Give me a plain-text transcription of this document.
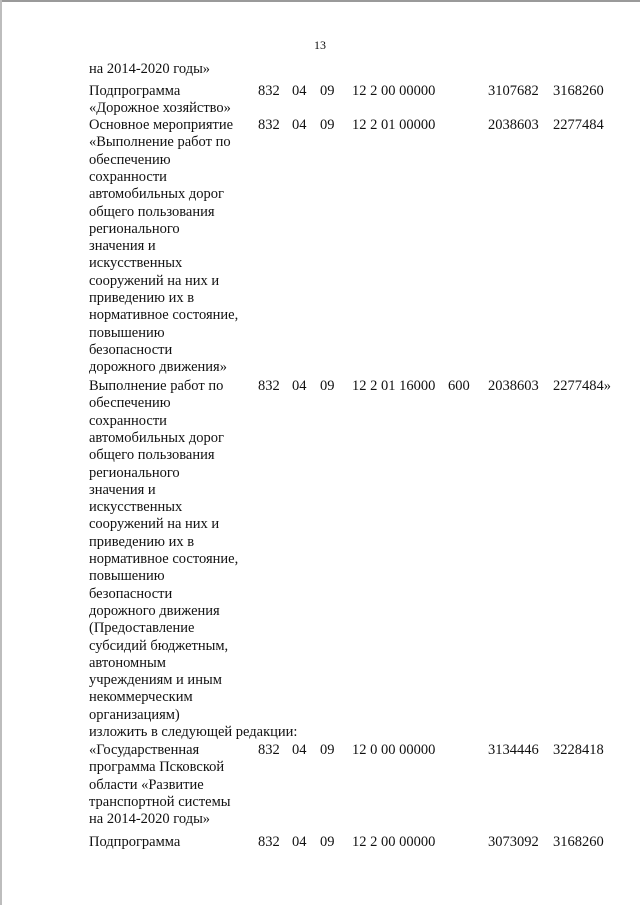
13
на 2014-2020 годы»
Подпрограмма
«Дорожное хозяйство»
832 04 09 12 2 00 00000	3107682 3168260
Основное мероприятие
«Выполнение работ по
обеспечению
сохранности
автомобильных дорог
общего пользования
регионального
значения и
искусственных
сооружений на них и
приведению их в
нормативное состояние,
повышению
безопасности
дорожного движения»
832 04 09 12 2 01 00000	2038603 2277484
Выполнение работ по
обеспечению
сохранности
автомобильных дорог
общего пользования
регионального
значения и
искусственных
сооружений на них и
приведению их в
нормативное состояние,
повышению
безопасности
дорожного движения
(Предоставление
субсидий бюджетным,
автономным
учреждениям и иным
некоммерческим
организациям)
изложить в следующей редакции:
832 04 09 12 2 01 16000 600 2038603 2277484»
«Государственная
программа Псковской
области «Развитие
транспортной системы
на 2014-2020 годы»
832 04 09 12 0 00 00000	3134446 3228418
Подпрограмма	832 04 09 12 2 00 00000	3073092 3168260
